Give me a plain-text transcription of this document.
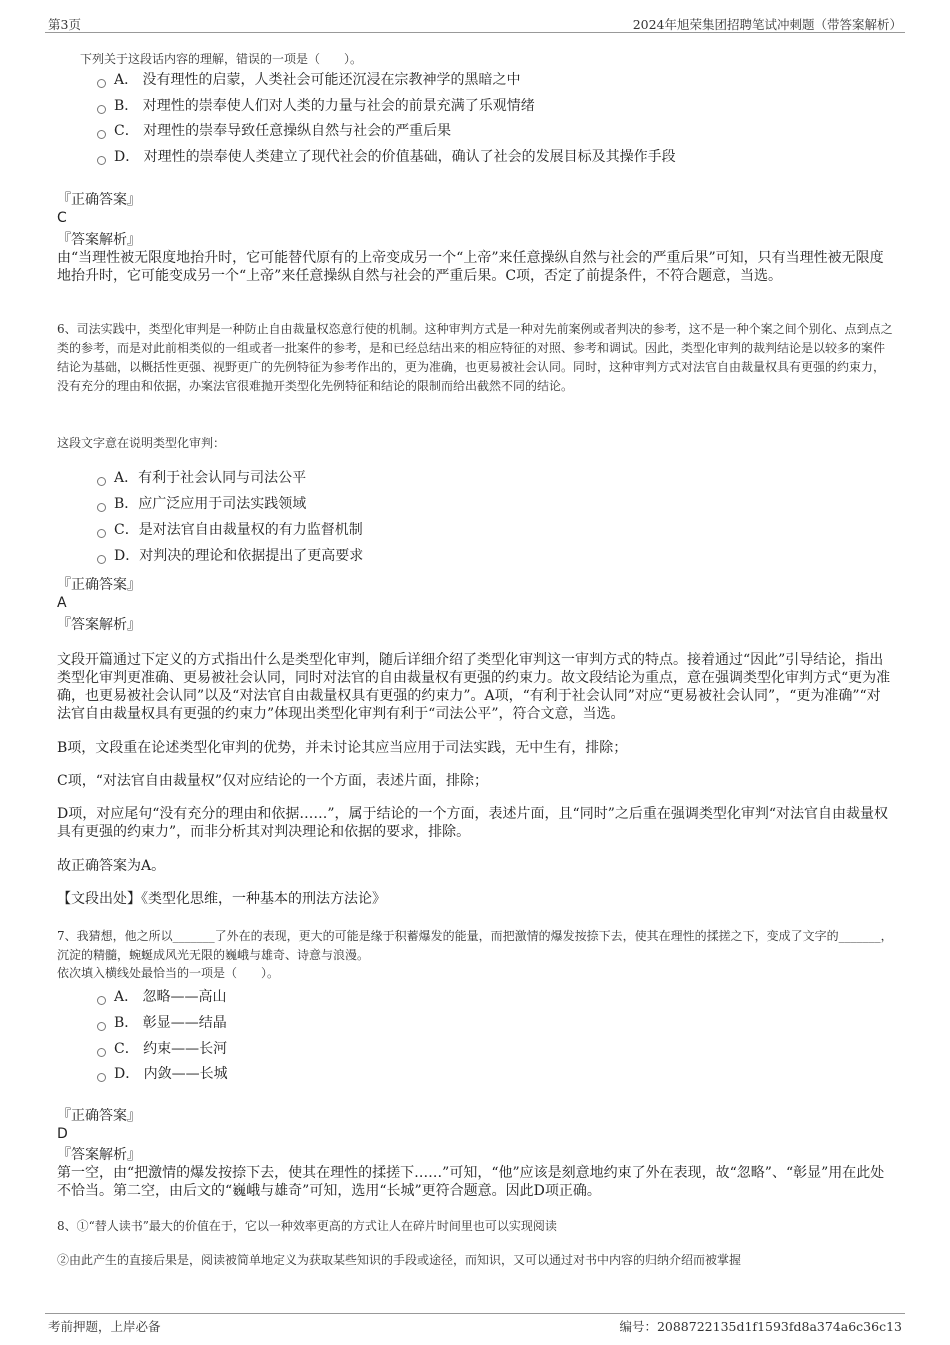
第3页	2024年旭荣集团招聘笔试冲刺题（带答案解析）
下列关于这段话内容的理解，错误的一项是（　　）。
A． 没有理性的启蒙，人类社会可能还沉浸在宗教神学的黑暗之中
B． 对理性的崇奉使人们对人类的力量与社会的前景充满了乐观情绪
C． 对理性的崇奉导致任意操纵自然与社会的严重后果
D． 对理性的崇奉使人类建立了现代社会的价值基础，确认了社会的发展目标及其操作手段
『正确答案』
C
『答案解析』
由“当理性被无限度地抬升时，它可能替代原有的上帝变成另一个“上帝”来任意操纵自然与社会的严重后果”可知，只有当理性被无限度地抬升时，它可能变成另一个“上帝”来任意操纵自然与社会的严重后果。C项，否定了前提条件，不符合题意，当选。
6、司法实践中，类型化审判是一种防止自由裁量权恣意行使的机制。这种审判方式是一种对先前案例或者判决的参考，这不是一种个案之间个别化、点到点之类的参考，而是对此前相类似的一组或者一批案件的参考，是和已经总结出来的相应特征的对照、参考和调试。因此，类型化审判的裁判结论是以较多的案件结论为基础，以概括性更强、视野更广的先例特征为参考作出的，更为准确，也更易被社会认同。同时，这种审判方式对法官自由裁量权具有更强的约束力，没有充分的理由和依据，办案法官很难抛开类型化先例特征和结论的限制而给出截然不同的结论。
这段文字意在说明类型化审判：
A．有利于社会认同与司法公平
B．应广泛应用于司法实践领域
C．是对法官自由裁量权的有力监督机制
D．对判决的理论和依据提出了更高要求
『正确答案』
A
『答案解析』
文段开篇通过下定义的方式指出什么是类型化审判，随后详细介绍了类型化审判这一审判方式的特点。接着通过“因此”引导结论，指出类型化审判更准确、更易被社会认同，同时对法官的自由裁量权有更强的约束力。故文段结论为重点，意在强调类型化审判方式“更为准确，也更易被社会认同”以及“对法官自由裁量权具有更强的约束力”。A项，“有利于社会认同”对应“更易被社会认同”，“更为准确”“对法官自由裁量权具有更强的约束力”体现出类型化审判有利于“司法公平”，符合文意，当选。
B项，文段重在论述类型化审判的优势，并未讨论其应当应用于司法实践，无中生有，排除；
C项，“对法官自由裁量权”仅对应结论的一个方面，表述片面，排除；
D项，对应尾句“没有充分的理由和依据……”，属于结论的一个方面，表述片面，且“同时”之后重在强调类型化审判“对法官自由裁量权具有更强的约束力”，而非分析其对判决理论和依据的要求，排除。
故正确答案为A。
【文段出处】《类型化思维，一种基本的刑法方法论》
7、我猜想，他之所以_______了外在的表现，更大的可能是缘于积蓄爆发的能量，而把激情的爆发按捺下去，使其在理性的揉搓之下，变成了文字的_______，沉淀的精髓，蜿蜒成风光无限的巍峨与雄奇、诗意与浪漫。
依次填入横线处最恰当的一项是（　　）。
A． 忽略——高山
B． 彰显——结晶
C． 约束——长河
D． 内敛——长城
『正确答案』
D
『答案解析』
第一空，由“把激情的爆发按捺下去，使其在理性的揉搓下……”可知，“他”应该是刻意地约束了外在表现，故“忽略”、“彰显”用在此处不恰当。第二空，由后文的“巍峨与雄奇”可知，选用“长城”更符合题意。因此D项正确。
8、①“替人读书”最大的价值在于，它以一种效率更高的方式让人在碎片时间里也可以实现阅读
②由此产生的直接后果是，阅读被简单地定义为获取某些知识的手段或途径，而知识，又可以通过对书中内容的归纳介绍而被掌握
考前押题，上岸必备	编号：2088722135d1f1593fd8a374a6c36c13
